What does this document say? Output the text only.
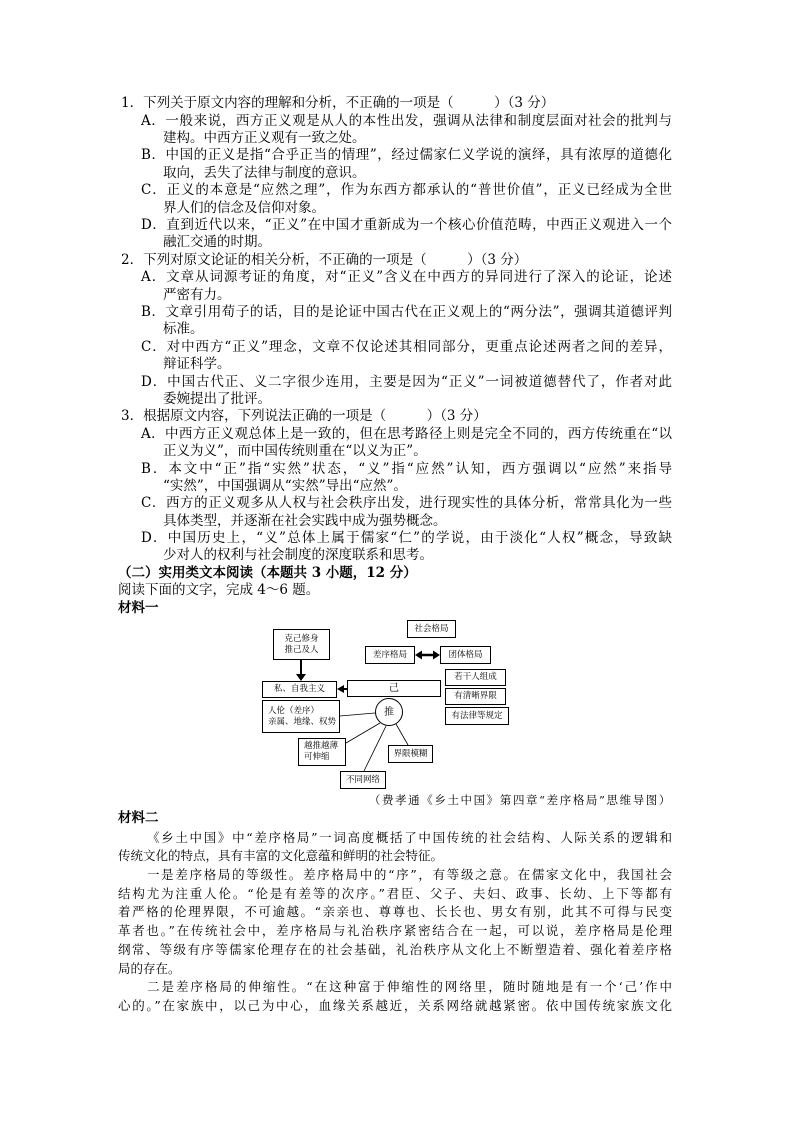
1．下列关于原文内容的理解和分析，不正确的一项是（　　　）（3 分）
A．一般来说，西方正义观是从人的本性出发，强调从法律和制度层面对社会的批判与
建构。中西方正义观有一致之处。
B．中国的正义是指“合乎正当的情理”，经过儒家仁义学说的演绎，具有浓厚的道德化
取向，丢失了法律与制度的意识。
C．正义的本意是“应然之理”，作为东西方都承认的“普世价值”，正义已经成为全世
界人们的信念及信仰对象。
D．直到近代以来，“正义”在中国才重新成为一个核心价值范畴，中西正义观进入一个
融汇交通的时期。
2．下列对原文论证的相关分析，不正确的一项是（　　　）（3 分）
A．文章从词源考证的角度，对“正义”含义在中西方的异同进行了深入的论证，论述
严密有力。
B．文章引用荀子的话，目的是论证中国古代在正义观上的“两分法”，强调其道德评判
标准。
C．对中西方“正义”理念，文章不仅论述其相同部分，更重点论述两者之间的差异，
辩证科学。
D．中国古代正、义二字很少连用，主要是因为“正义”一词被道德替代了，作者对此
委婉提出了批评。
3．根据原文内容，下列说法正确的一项是（　　　）（3 分）
A．中西方正义观总体上是一致的，但在思考路径上则是完全不同的，西方传统重在“以
正义为义”，而中国传统则重在“以义为正”。
B．本文中“正”指“实然”状态，“义”指“应然”认知，西方强调以“应然”来指导
“实然”，中国强调从“实然”导出“应然”。
C．西方的正义观多从人权与社会秩序出发，进行现实性的具体分析，常常具化为一些
具体类型，并逐渐在社会实践中成为强势概念。
D．中国历史上，“义”总体上属于儒家“仁”的学说，由于淡化“人权”概念，导致缺
少对人的权利与社会制度的深度联系和思考。
（二）实用类文本阅读（本题共 3 小题，12 分）
阅读下面的文字，完成 4～6 题。
材料一
克己修身
推己及人
私、自我主义
社会格局
差序格局	团体格局
己
若干人组成
有清晰界限
有法律等规定
人伦（差序）
亲属、地缘、权势
推
越推越薄
可伸缩
不同网络
界限模糊
（费孝通《乡土中国》第四章“差序格局”思维导图）
材料二
《乡土中国》中“差序格局”一词高度概括了中国传统的社会结构、人际关系的逻辑和
传统文化的特点，具有丰富的文化意蕴和鲜明的社会特征。
一是差序格局的等级性。差序格局中的“序”，有等级之意。在儒家文化中，我国社会
结构尤为注重人伦。“伦是有差等的次序。”君臣、父子、夫妇、政事、长幼、上下等都有
着严格的伦理界限，不可逾越。“亲亲也、尊尊也、长长也、男女有别，此其不可得与民变
革者也。”在传统社会中，差序格局与礼治秩序紧密结合在一起，可以说，差序格局是伦理
纲常、等级有序等儒家伦理存在的社会基础，礼治秩序从文化上不断塑造着、强化着差序格
局的存在。
二是差序格局的伸缩性。“在这种富于伸缩性的网络里，随时随地是有一个‘己’作中
心的。”在家族中，以己为中心，血缘关系越近，关系网络就越紧密。依中国传统家族文化
